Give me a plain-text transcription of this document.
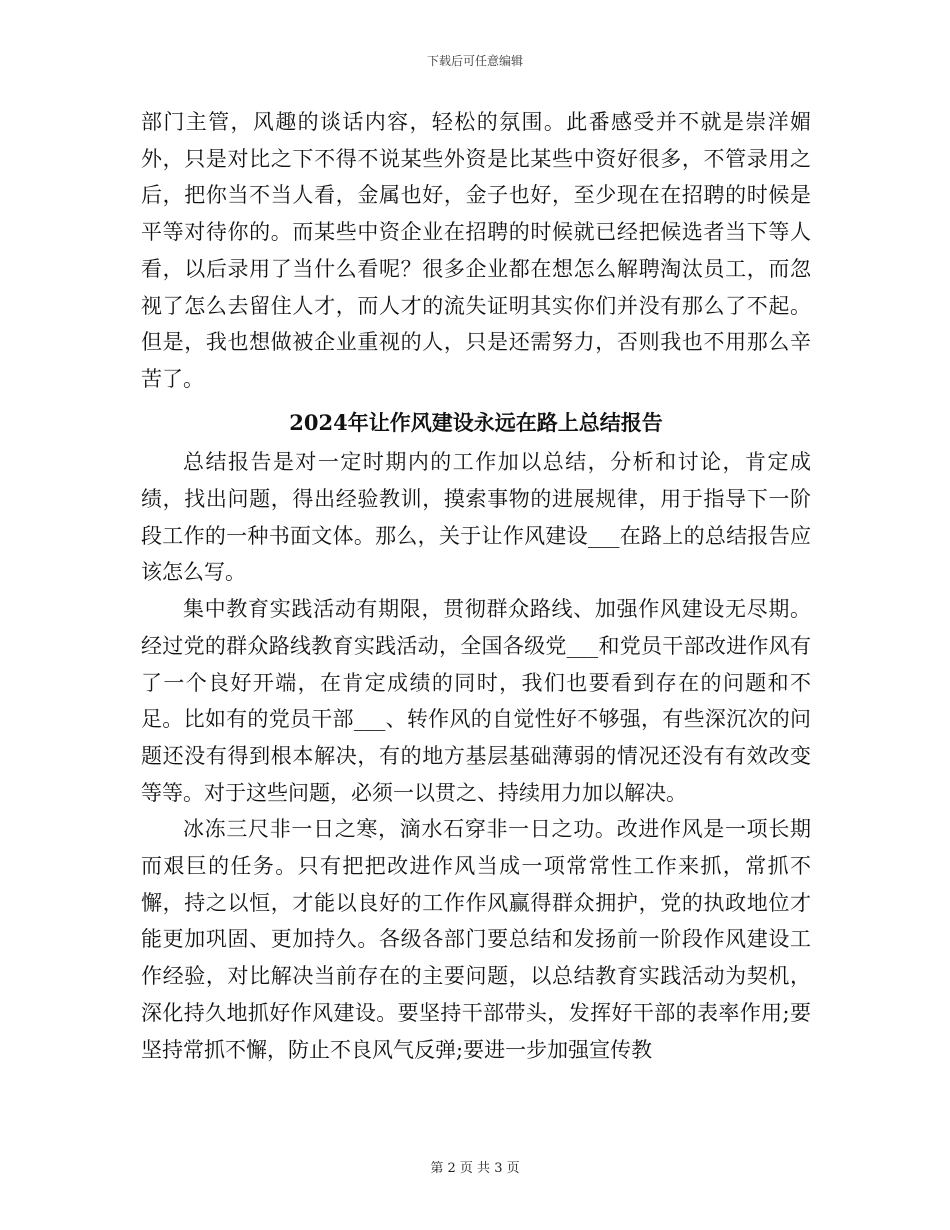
下载后可任意编辑

部门主管，风趣的谈话内容，轻松的氛围。此番感受并不就是崇洋媚外，只是对比之下不得不说某些外资是比某些中资好很多，不管录用之后，把你当不当人看，金属也好，金子也好，至少现在在招聘的时候是平等对待你的。而某些中资企业在招聘的时候就已经把候选者当下等人看，以后录用了当什么看呢？很多企业都在想怎么解聘淘汰员工，而忽视了怎么去留住人才，而人才的流失证明其实你们并没有那么了不起。但是，我也想做被企业重视的人，只是还需努力，否则我也不用那么辛苦了。

2024年让作风建设永远在路上总结报告

总结报告是对一定时期内的工作加以总结，分析和讨论，肯定成绩，找出问题，得出经验教训，摸索事物的进展规律，用于指导下一阶段工作的一种书面文体。那么，关于让作风建设___在路上的总结报告应该怎么写。

集中教育实践活动有期限，贯彻群众路线、加强作风建设无尽期。经过党的群众路线教育实践活动，全国各级党___和党员干部改进作风有了一个良好开端，在肯定成绩的同时，我们也要看到存在的问题和不足。比如有的党员干部___、转作风的自觉性好不够强，有些深沉次的问题还没有得到根本解决，有的地方基层基础薄弱的情况还没有有效改变等等。对于这些问题，必须一以贯之、持续用力加以解决。

冰冻三尺非一日之寒，滴水石穿非一日之功。改进作风是一项长期而艰巨的任务。只有把把改进作风当成一项常常性工作来抓，常抓不懈，持之以恒，才能以良好的工作作风赢得群众拥护，党的执政地位才能更加巩固、更加持久。各级各部门要总结和发扬前一阶段作风建设工作经验，对比解决当前存在的主要问题，以总结教育实践活动为契机，深化持久地抓好作风建设。要坚持干部带头，发挥好干部的表率作用;要坚持常抓不懈，防止不良风气反弹;要进一步加强宣传教

第 2 页 共 3 页
